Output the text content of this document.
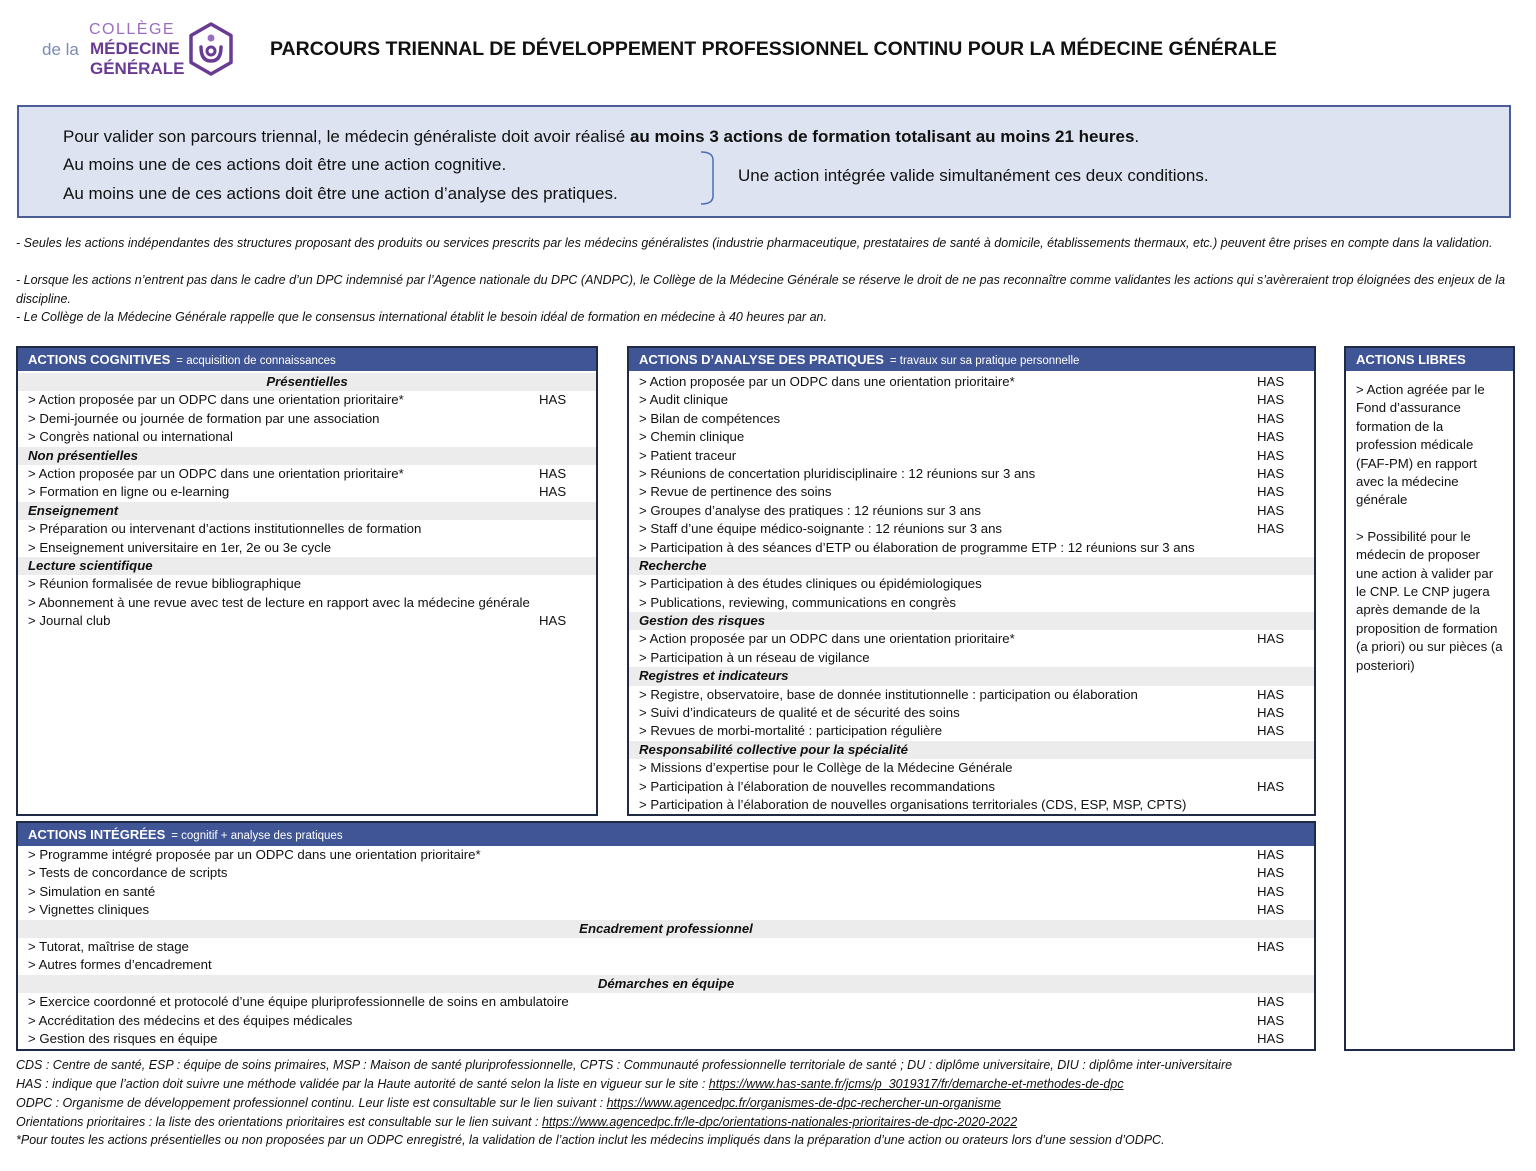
COLLÈGE
de la MÉDECINE
GÉNÉRALE
PARCOURS TRIENNAL DE DÉVELOPPEMENT PROFESSIONNEL CONTINU POUR LA MÉDECINE GÉNÉRALE
Pour valider son parcours triennal, le médecin généraliste doit avoir réalisé au moins 3 actions de formation totalisant au moins 21 heures.
Au moins une de ces actions doit être une action cognitive.
Au moins une de ces actions doit être une action d’analyse des pratiques.
Une action intégrée valide simultanément ces deux conditions.
- Seules les actions indépendantes des structures proposant des produits ou services prescrits par les médecins généralistes (industrie pharmaceutique, prestataires de santé à domicile, établissements thermaux, etc.) peuvent être prises en compte dans la validation.
- Lorsque les actions n’entrent pas dans le cadre d’un DPC indemnisé par l’Agence nationale du DPC (ANDPC), le Collège de la Médecine Générale se réserve le droit de ne pas reconnaître comme validantes les actions qui s’avèreraient trop éloignées des enjeux de la discipline.
- Le Collège de la Médecine Générale rappelle que le consensus international établit le besoin idéal de formation en médecine à 40 heures par an.
ACTIONS COGNITIVES = acquisition de connaissances
Présentielles
> Action proposée par un ODPC dans une orientation prioritaire*	HAS
> Demi-journée ou journée de formation par une association
> Congrès national ou international
Non présentielles
> Action proposée par un ODPC dans une orientation prioritaire*	HAS
> Formation en ligne ou e-learning	HAS
Enseignement
> Préparation ou intervenant d’actions institutionnelles de formation
> Enseignement universitaire en 1er, 2e ou 3e cycle
Lecture scientifique
> Réunion formalisée de revue bibliographique
> Abonnement à une revue avec test de lecture en rapport avec la médecine générale
> Journal club	HAS
ACTIONS D’ANALYSE DES PRATIQUES = travaux sur sa pratique personnelle
> Action proposée par un ODPC dans une orientation prioritaire*	HAS
> Audit clinique	HAS
> Bilan de compétences	HAS
> Chemin clinique	HAS
> Patient traceur	HAS
> Réunions de concertation pluridisciplinaire : 12 réunions sur 3 ans	HAS
> Revue de pertinence des soins	HAS
> Groupes d’analyse des pratiques : 12 réunions sur 3 ans	HAS
> Staff d’une équipe médico-soignante : 12 réunions sur 3 ans	HAS
> Participation à des séances d’ETP ou élaboration de programme ETP : 12 réunions sur 3 ans
Recherche
> Participation à des études cliniques ou épidémiologiques
> Publications, reviewing, communications en congrès
Gestion des risques
> Action proposée par un ODPC dans une orientation prioritaire*	HAS
> Participation à un réseau de vigilance
Registres et indicateurs
> Registre, observatoire, base de donnée institutionnelle : participation ou élaboration	HAS
> Suivi d’indicateurs de qualité et de sécurité des soins	HAS
> Revues de morbi-mortalité : participation régulière	HAS
Responsabilité collective pour la spécialité
> Missions d’expertise pour le Collège de la Médecine Générale
> Participation à l’élaboration de nouvelles recommandations	HAS
> Participation à l’élaboration de nouvelles organisations territoriales (CDS, ESP, MSP, CPTS)
ACTIONS LIBRES
> Action agréée par le Fond d’assurance formation de la profession médicale (FAF-PM) en rapport avec la médecine générale
> Possibilité pour le médecin de proposer une action à valider par le CNP. Le CNP jugera après demande de la proposition de formation (a priori) ou sur pièces (a posteriori)
ACTIONS INTÉGRÉES = cognitif + analyse des pratiques
> Programme intégré proposée par un ODPC dans une orientation prioritaire*	HAS
> Tests de concordance de scripts	HAS
> Simulation en santé	HAS
> Vignettes cliniques	HAS
Encadrement professionnel
> Tutorat, maîtrise de stage	HAS
> Autres formes d’encadrement
Démarches en équipe
> Exercice coordonné et protocolé d’une équipe pluriprofessionnelle de soins en ambulatoire	HAS
> Accréditation des médecins et des équipes médicales	HAS
> Gestion des risques en équipe	HAS
CDS : Centre de santé, ESP : équipe de soins primaires, MSP : Maison de santé pluriprofessionnelle, CPTS : Communauté professionnelle territoriale de santé ; DU : diplôme universitaire, DIU : diplôme inter-universitaire
HAS : indique que l’action doit suivre une méthode validée par la Haute autorité de santé selon la liste en vigueur sur le site : https://www.has-sante.fr/jcms/p_3019317/fr/demarche-et-methodes-de-dpc
ODPC : Organisme de développement professionnel continu. Leur liste est consultable sur le lien suivant : https://www.agencedpc.fr/organismes-de-dpc-rechercher-un-organisme
Orientations prioritaires : la liste des orientations prioritaires est consultable sur le lien suivant : https://www.agencedpc.fr/le-dpc/orientations-nationales-prioritaires-de-dpc-2020-2022
*Pour toutes les actions présentielles ou non proposées par un ODPC enregistré, la validation de l’action inclut les médecins impliqués dans la préparation d’une action ou orateurs lors d’une session d’ODPC.
